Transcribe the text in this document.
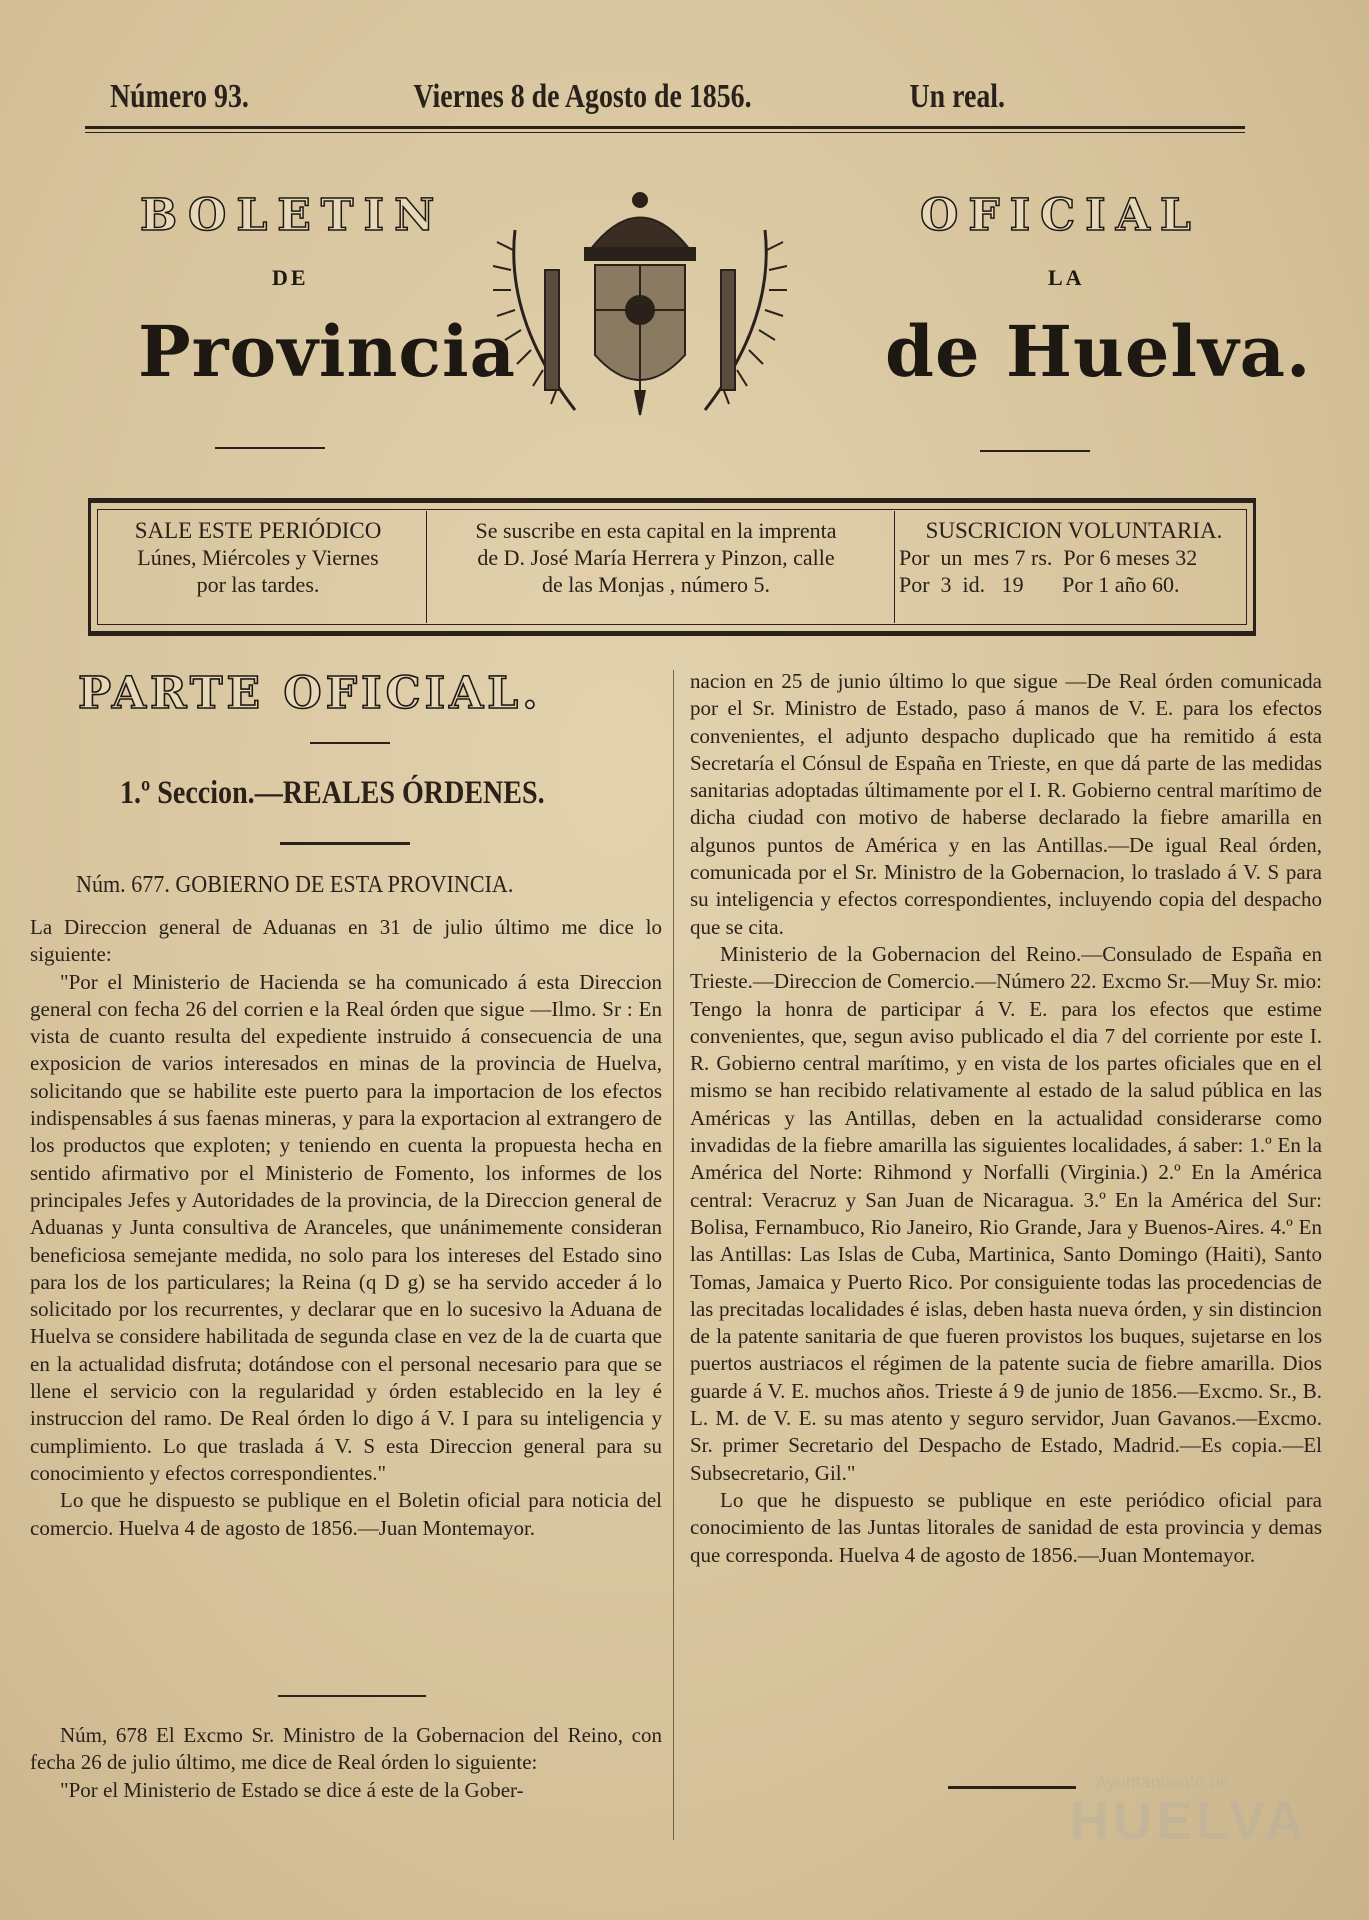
Número 93.	Viernes 8 de Agosto de 1856.	Un real.
BOLETIN	OFICIAL
DE	LA
Provincia	de Huelva.
SALE ESTE PERIÓDICO
Lúnes, Miércoles y Viernes
por las tardes.
Se suscribe en esta capital en la imprenta
de D. José María Herrera y Pinzon, calle
de las Monjas , número 5.
SUSCRICION VOLUNTARIA.
Por  un  mes 7 rs.  Por 6 meses 32
Por  3  id.   19       Por 1 año 60.
PARTE OFICIAL.
1.º Seccion.—REALES ÓRDENES.
Núm. 677. GOBIERNO DE ESTA PROVINCIA.

La Direccion general de Aduanas en 31 de julio último me dice lo siguiente:

"Por el Ministerio de Hacienda se ha comunicado á esta Direccion general con fecha 26 del corrien e la Real órden que sigue —Ilmo. Sr : En vista de cuanto resulta del expediente instruido á consecuencia de una exposicion de varios interesados en minas de la provincia de Huelva, solicitando que se habilite este puerto para la importacion de los efectos indispensables á sus faenas mineras, y para la exportacion al extrangero de los productos que exploten; y teniendo en cuenta la propuesta hecha en sentido afirmativo por el Ministerio de Fomento, los informes de los principales Jefes y Autoridades de la provincia, de la Direccion general de Aduanas y Junta consultiva de Aranceles, que unánimemente consideran beneficiosa semejante medida, no solo para los intereses del Estado sino para los de los particulares; la Reina (q D g) se ha servido acceder á lo solicitado por los recurrentes, y declarar que en lo sucesivo la Aduana de Huelva se considere habilitada de segunda clase en vez de la de cuarta que en la actualidad disfruta; dotándose con el personal necesario para que se llene el servicio con la regularidad y órden establecido en la ley é instruccion del ramo. De Real órden lo digo á V. I para su inteligencia y cumplimiento. Lo que traslada á V. S esta Direccion general para su conocimiento y efectos correspondientes."

Lo que he dispuesto se publique en el Boletin oficial para noticia del comercio. Huelva 4 de agosto de 1856.—Juan Montemayor.

Núm, 678 El Excmo Sr. Ministro de la Gobernacion del Reino, con fecha 26 de julio último, me dice de Real órden lo siguiente:

"Por el Ministerio de Estado se dice á este de la Gober-

nacion en 25 de junio último lo que sigue —De Real órden comunicada por el Sr. Ministro de Estado, paso á manos de V. E. para los efectos convenientes, el adjunto despacho duplicado que ha remitido á esta Secretaría el Cónsul de España en Trieste, en que dá parte de las medidas sanitarias adoptadas últimamente por el I. R. Gobierno central marítimo de dicha ciudad con motivo de haberse declarado la fiebre amarilla en algunos puntos de América y en las Antillas.—De igual Real órden, comunicada por el Sr. Ministro de la Gobernacion, lo traslado á V. S para su inteligencia y efectos correspondientes, incluyendo copia del despacho que se cita.

Ministerio de la Gobernacion del Reino.—Consulado de España en Trieste.—Direccion de Comercio.—Número 22. Excmo Sr.—Muy Sr. mio: Tengo la honra de participar á V. E. para los efectos que estime convenientes, que, segun aviso publicado el dia 7 del corriente por este I. R. Gobierno central marítimo, y en vista de los partes oficiales que en el mismo se han recibido relativamente al estado de la salud pública en las Américas y las Antillas, deben en la actualidad considerarse como invadidas de la fiebre amarilla las siguientes localidades, á saber: 1.º En la América del Norte: Rihmond y Norfalli (Virginia.) 2.º En la América central: Veracruz y San Juan de Nicaragua. 3.º En la América del Sur: Bolisa, Fernambuco, Rio Janeiro, Rio Grande, Jara y Buenos-Aires. 4.º En las Antillas: Las Islas de Cuba, Martinica, Santo Domingo (Haiti), Santo Tomas, Jamaica y Puerto Rico. Por consiguiente todas las procedencias de las precitadas localidades é islas, deben hasta nueva órden, y sin distincion de la patente sanitaria de que fueren provistos los buques, sujetarse en los puertos austriacos el régimen de la patente sucia de fiebre amarilla. Dios guarde á V. E. muchos años. Trieste á 9 de junio de 1856.—Excmo. Sr., B. L. M. de V. E. su mas atento y seguro servidor, Juan Gavanos.—Excmo. Sr. primer Secretario del Despacho de Estado, Madrid.—Es copia.—El Subsecretario, Gil."

Lo que he dispuesto se publique en este periódico oficial para conocimiento de las Juntas litorales de sanidad de esta provincia y demas que corresponda. Huelva 4 de agosto de 1856.—Juan Montemayor.

Ayuntamiento de
HUELVA
